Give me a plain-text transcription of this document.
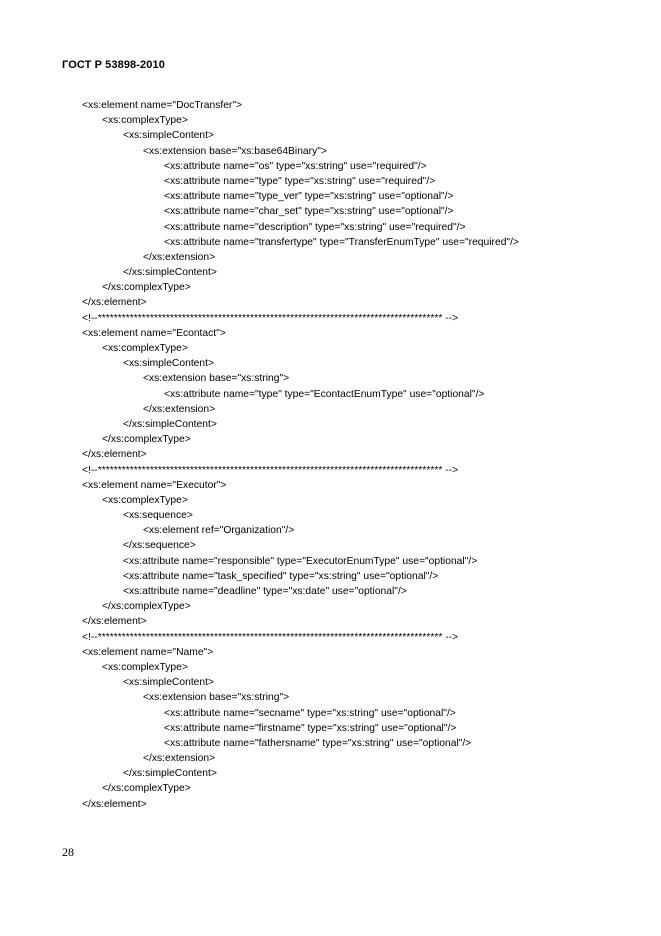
ГОСТ Р 53898-2010
<xs:element name="DocTransfer">
<xs:complexType>
<xs:simpleContent>
<xs:extension base="xs:base64Binary">
<xs:attribute name="os" type="xs:string" use="required"/>
<xs:attribute name="type" type="xs:string" use="required"/>
<xs:attribute name="type_ver" type="xs:string" use="optional"/>
<xs:attribute name="char_set" type="xs:string" use="optional"/>
<xs:attribute name="description" type="xs:string" use="required"/>
<xs:attribute name="transfertype" type="TransferEnumType" use="required"/>
</xs:extension>
</xs:simpleContent>
</xs:complexType>
</xs:element>
<!--************************************************************************************** -->
<xs:element name="Econtact">
<xs:complexType>
<xs:simpleContent>
<xs:extension base="xs:string">
<xs:attribute name="type" type="EcontactEnumType" use="optional"/>
</xs:extension>
</xs:simpleContent>
</xs:complexType>
</xs:element>
<!--************************************************************************************** -->
<xs:element name="Executor">
<xs:complexType>
<xs:sequence>
<xs:element ref="Organization"/>
</xs:sequence>
<xs:attribute name="responsible" type="ExecutorEnumType" use="optional"/>
<xs:attribute name="task_specified" type="xs:string" use="optional"/>
<xs:attribute name="deadline" type="xs:date" use="optional"/>
</xs:complexType>
</xs:element>
<!--************************************************************************************** -->
<xs:element name="Name">
<xs:complexType>
<xs:simpleContent>
<xs:extension base="xs:string">
<xs:attribute name="secname" type="xs:string" use="optional"/>
<xs:attribute name="firstname" type="xs:string" use="optional"/>
<xs:attribute name="fathersname" type="xs:string" use="optional"/>
</xs:extension>
</xs:simpleContent>
</xs:complexType>
</xs:element>
28
